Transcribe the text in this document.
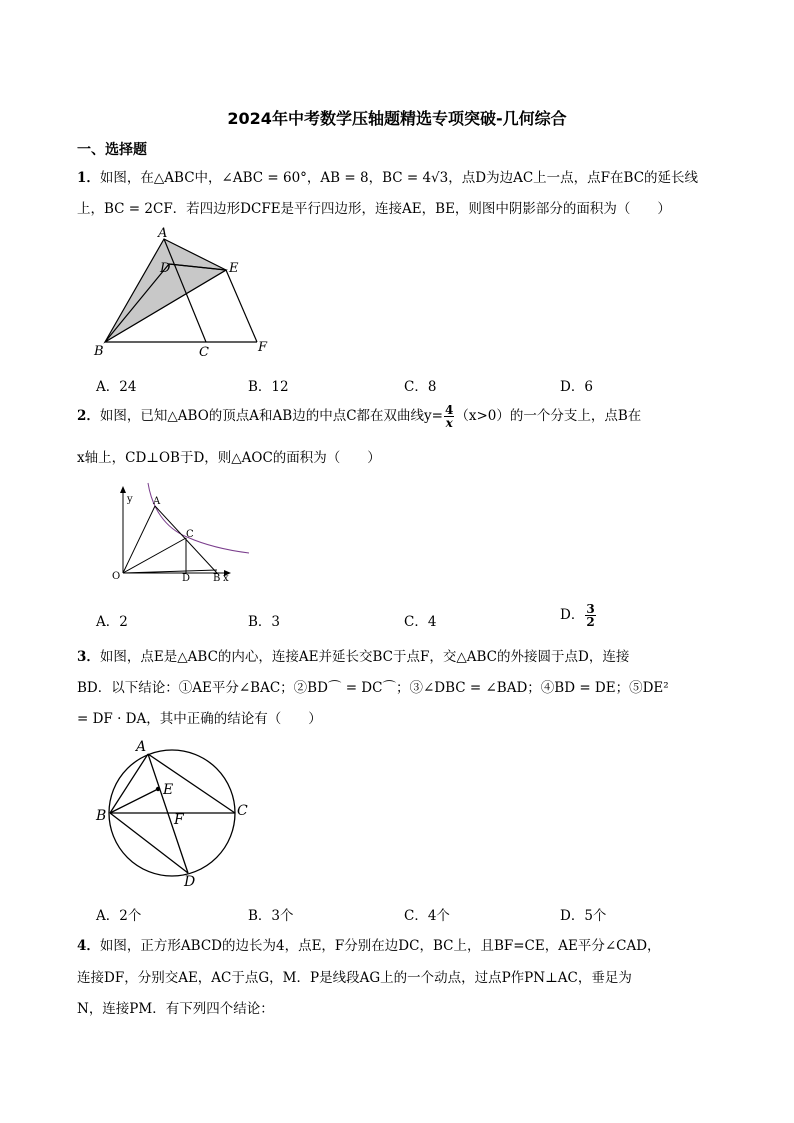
2024年中考数学压轴题精选专项突破-几何综合
一、选择题
1．如图，在△ABC中，∠ABC = 60°，AB = 8，BC = 4√3，点D为边AC上一点，点F在BC的延长线
上，BC = 2CF．若四边形DCFE是平行四边形，连接AE，BE，则图中阴影部分的面积为（　　）
A
D	E
B	C	F
A．24	B．12	C．8	D．6
2．如图，已知△ABO的顶点A和AB边的中点C都在双曲线$y= \frac{4}{x} (x>0)$的一个分支上，点B在
x轴上，CD⊥OB于D，则△AOC的面积为（　　）
y A
C
O	D B x
A．2	B．3	C．4	D． $\frac{3}{2}$
3．如图，点E是△ABC的内心，连接AE并延长交BC于点F，交△ABC的外接圆于点D，连接
BD．以下结论：①AE平分∠BAC；②BD⌒ = DC⌒；③∠DBC = ∠BAD；④BD = DE；⑤DE²
= DF · DA，其中正确的结论有（　　）
A
E
B	C
F
D
A．2个	B．3个	C．4个	D．5个
4．如图，正方形ABCD的边长为4，点E，F分别在边DC，BC上，且BF=CE，AE平分∠CAD，
连接DF，分别交AE，AC于点G，M．P是线段AG上的一个动点，过点P作PN⊥AC，垂足为
N，连接PM．有下列四个结论：
